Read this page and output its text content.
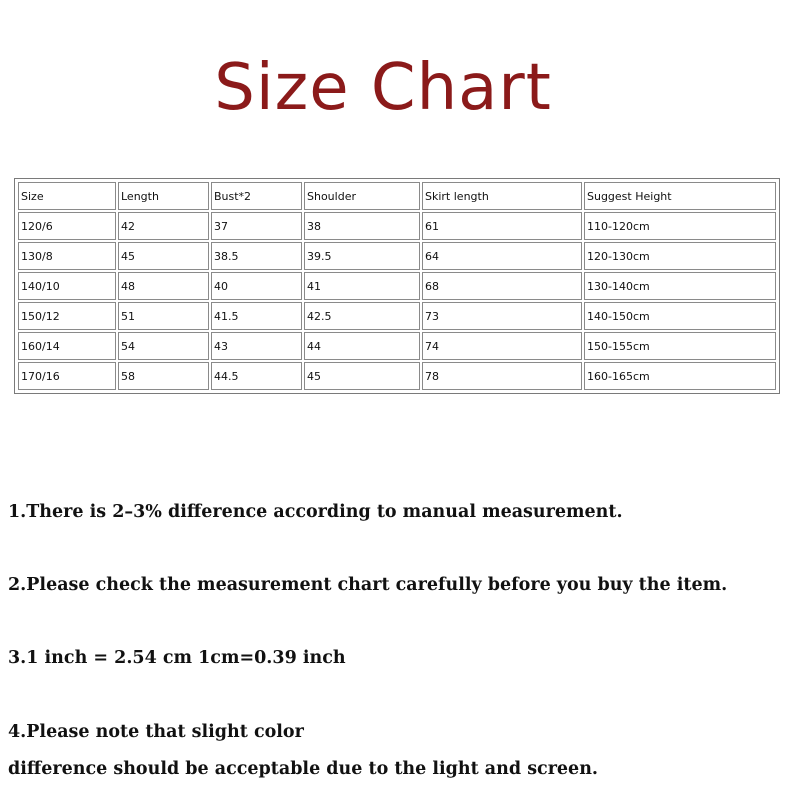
Size Chart
Size	Length	Bust*2	Shoulder	Skirt length	Suggest Height
120/6	42	37	38	61	110-120cm
130/8	45	38.5	39.5	64	120-130cm
140/10	48	40	41	68	130-140cm
150/12	51	41.5	42.5	73	140-150cm
160/14	54	43	44	74	150-155cm
170/16	58	44.5	45	78	160-165cm
1.There is 2–3% difference according to manual measurement.
2.Please check the measurement chart carefully before you buy the item.
3.1 inch = 2.54 cm 1cm=0.39 inch
4.Please note that slight color
difference should be acceptable due to the light and screen.
